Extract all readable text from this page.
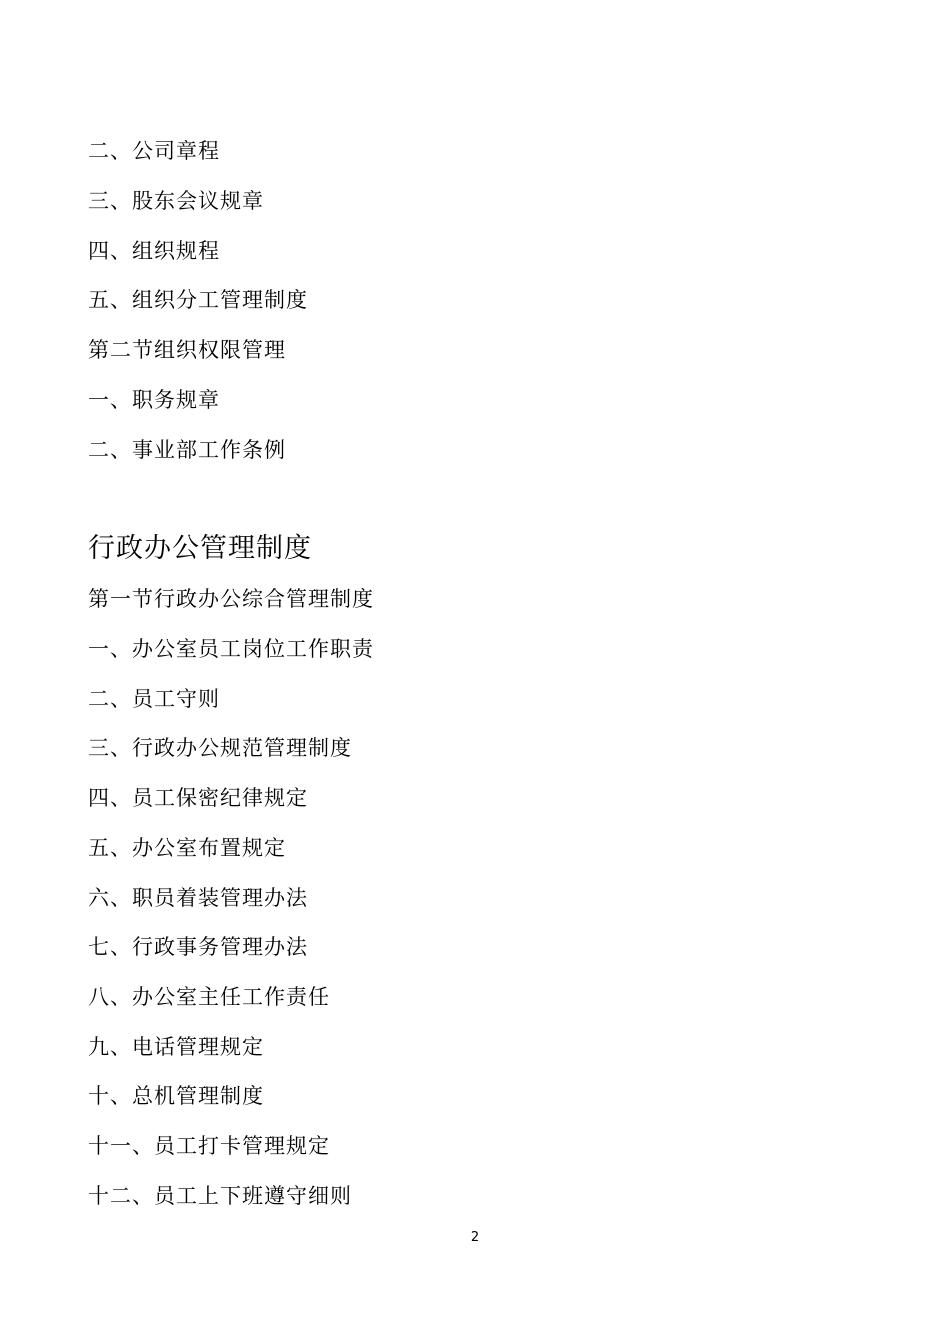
二、公司章程
三、股东会议规章
四、组织规程
五、组织分工管理制度
第二节组织权限管理
一、职务规章
二、事业部工作条例
行政办公管理制度
第一节行政办公综合管理制度
一、办公室员工岗位工作职责
二、员工守则
三、行政办公规范管理制度
四、员工保密纪律规定
五、办公室布置规定
六、职员着装管理办法
七、行政事务管理办法
八、办公室主任工作责任
九、电话管理规定
十、总机管理制度
十一、员工打卡管理规定
十二、员工上下班遵守细则
2
